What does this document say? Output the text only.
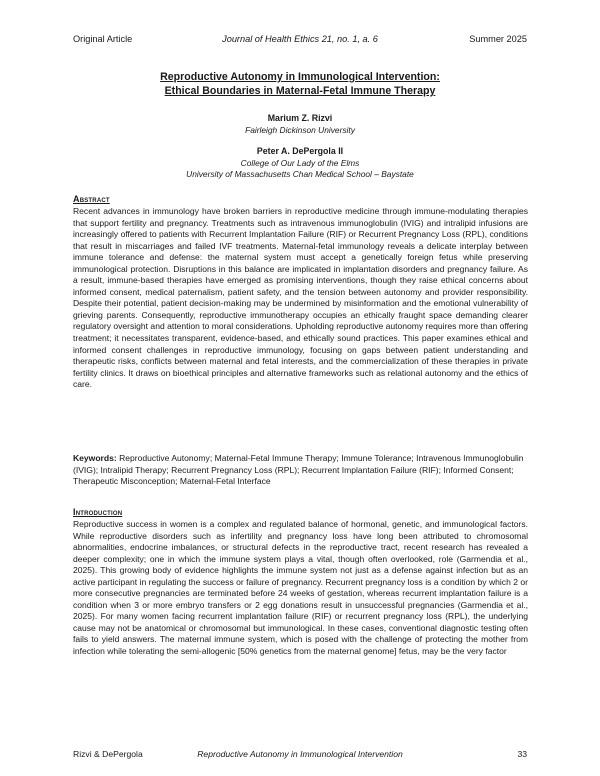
Original Article	Journal of Health Ethics 21, no. 1, a. 6	Summer 2025
Reproductive Autonomy in Immunological Intervention:
Ethical Boundaries in Maternal-Fetal Immune Therapy
Marium Z. Rizvi
Fairleigh Dickinson University
Peter A. DePergola II
College of Our Lady of the Elms
University of Massachusetts Chan Medical School – Baystate
Abstract
Recent advances in immunology have broken barriers in reproductive medicine through immune-modulating therapies that support fertility and pregnancy. Treatments such as intravenous immunoglobulin (IVIG) and intralipid infusions are increasingly offered to patients with Recurrent Implantation Failure (RIF) or Recurrent Pregnancy Loss (RPL), conditions that result in miscarriages and failed IVF treatments. Maternal-fetal immunology reveals a delicate interplay between immune tolerance and defense: the maternal system must accept a genetically foreign fetus while preserving immunological protection. Disruptions in this balance are implicated in implantation disorders and pregnancy failure. As a result, immune-based therapies have emerged as promising interventions, though they raise ethical concerns about informed consent, medical paternalism, patient safety, and the tension between autonomy and provider responsibility. Despite their potential, patient decision-making may be undermined by misinformation and the emotional vulnerability of grieving parents. Consequently, reproductive immunotherapy occupies an ethically fraught space demanding clearer regulatory oversight and attention to moral considerations. Upholding reproductive autonomy requires more than offering treatment; it necessitates transparent, evidence-based, and ethically sound practices. This paper examines ethical and informed consent challenges in reproductive immunology, focusing on gaps between patient understanding and therapeutic risks, conflicts between maternal and fetal interests, and the commercialization of these therapies in private fertility clinics. It draws on bioethical principles and alternative frameworks such as relational autonomy and the ethics of care.
Keywords: Reproductive Autonomy; Maternal-Fetal Immune Therapy; Immune Tolerance; Intravenous Immunoglobulin (IVIG); Intralipid Therapy; Recurrent Pregnancy Loss (RPL); Recurrent Implantation Failure (RIF); Informed Consent; Therapeutic Misconception; Maternal-Fetal Interface
Introduction
Reproductive success in women is a complex and regulated balance of hormonal, genetic, and immunological factors. While reproductive disorders such as infertility and pregnancy loss have long been attributed to chromosomal abnormalities, endocrine imbalances, or structural defects in the reproductive tract, recent research has revealed a deeper complexity; one in which the immune system plays a vital, though often overlooked, role (Garmendia et al., 2025). This growing body of evidence highlights the immune system not just as a defense against infection but as an active participant in regulating the success or failure of pregnancy. Recurrent pregnancy loss is a condition by which 2 or more consecutive pregnancies are terminated before 24 weeks of gestation, whereas recurrent implantation failure is a condition when 3 or more embryo transfers or 2 egg donations result in unsuccessful pregnancies (Garmendia et al., 2025). For many women facing recurrent implantation failure (RIF) or recurrent pregnancy loss (RPL), the underlying cause may not be anatomical or chromosomal but immunological. In these cases, conventional diagnostic testing often fails to yield answers. The maternal immune system, which is posed with the challenge of protecting the mother from infection while tolerating the semi-allogenic [50% genetics from the maternal genome] fetus, may be the very factor
Rizvi & DePergola	Reproductive Autonomy in Immunological Intervention	33
